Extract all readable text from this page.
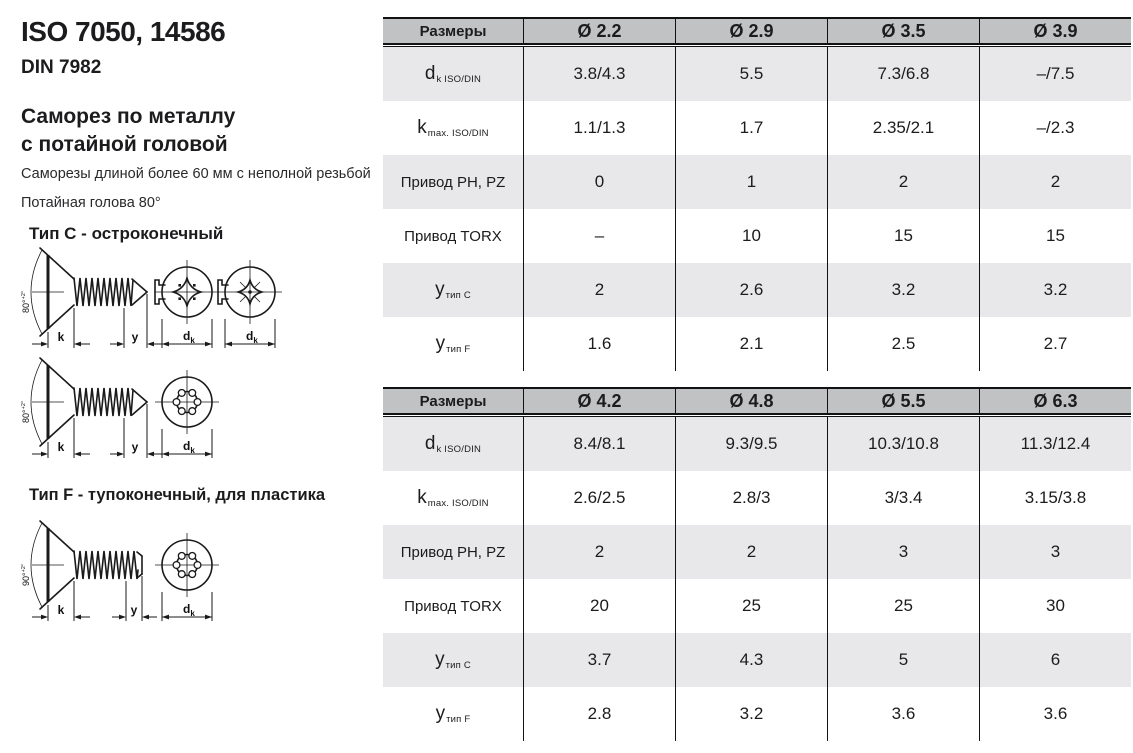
ISO 7050, 14586
DIN 7982
Саморез по металлу
с потайной головой
Саморезы длиной более 60 мм с неполной резьбой
Потайная голова 80°
Тип C - остроконечный
80°$^{+2^\circ}$
k	y	$d_k$	$d_k$
80°$^{+2^\circ}$
k	y	$d_k$
Тип F - тупоконечный, для пластика
90°$^{+2^\circ}$
k	y	$d_k$
Размеры	Ø 2.2	Ø 2.9	Ø 3.5	Ø 3.9
d k ISO/DIN	3.8/4.3	5.5	7.3/6.8	–/7.5
k max. ISO/DIN	1.1/1.3	1.7	2.35/2.1	–/2.3
Привод PH, PZ	0	1	2	2
Привод TORX	–	10	15	15
y тип C	2	2.6	3.2	3.2
y тип F	1.6	2.1	2.5	2.7
Размеры	Ø 4.2	Ø 4.8	Ø 5.5	Ø 6.3
d k ISO/DIN	8.4/8.1	9.3/9.5	10.3/10.8	11.3/12.4
k max. ISO/DIN	2.6/2.5	2.8/3	3/3.4	3.15/3.8
Привод PH, PZ	2	2	3	3
Привод TORX	20	25	25	30
y тип C	3.7	4.3	5	6
y тип F	2.8	3.2	3.6	3.6
